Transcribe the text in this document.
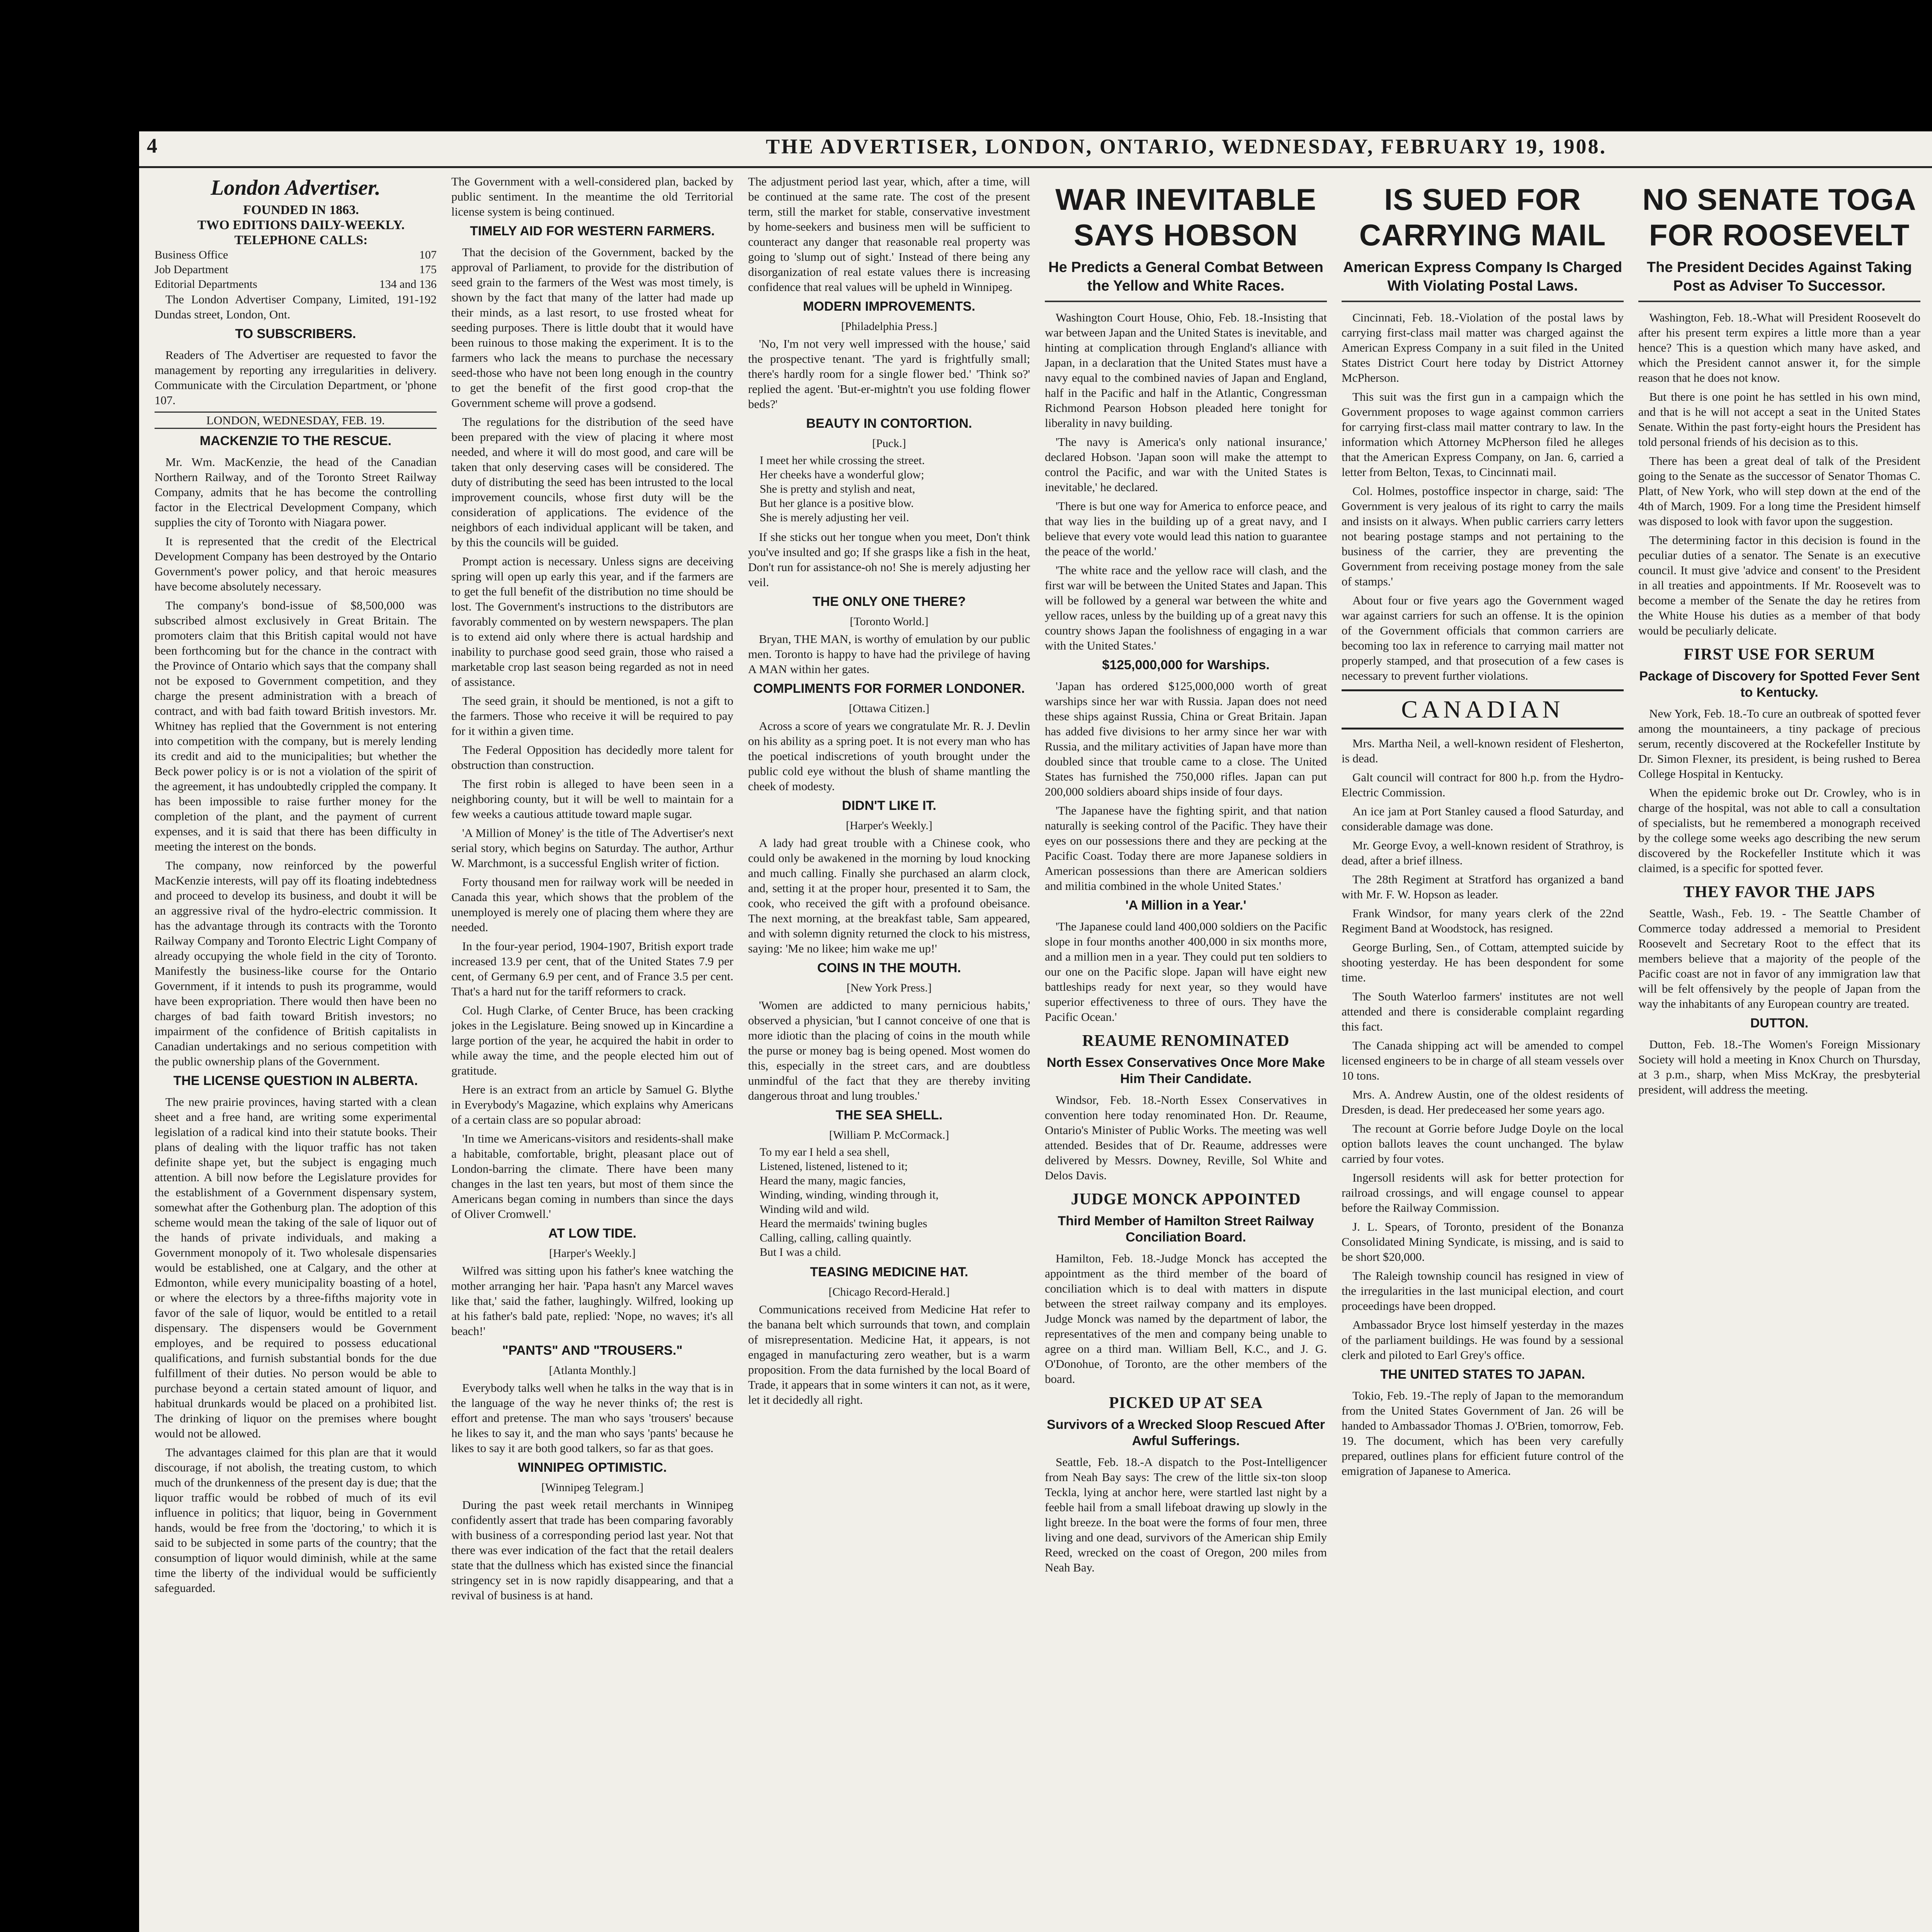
4	THE ADVERTISER, LONDON, ONTARIO, WEDNESDAY, FEBRUARY 19, 1908.
London Advertiser.

FOUNDED IN 1863.

TWO EDITIONS DAILY-WEEKLY.

TELEPHONE CALLS:

Business Office	107
Job Department	175
Editorial Departments	134 and 136

The London Advertiser Company, Limited, 191-192 Dundas street, London, Ont.

TO SUBSCRIBERS.

Readers of The Advertiser are requested to favor the management by reporting any irregularities in delivery. Communicate with the Circulation Department, or 'phone 107.

LONDON, WEDNESDAY, FEB. 19.
MACKENZIE TO THE RESCUE.

Mr. Wm. MacKenzie, the head of the Canadian Northern Railway, and of the Toronto Street Railway Company, admits that he has become the controlling factor in the Electrical Development Company, which supplies the city of Toronto with Niagara power.

It is represented that the credit of the Electrical Development Company has been destroyed by the Ontario Government's power policy, and that heroic measures have become absolutely necessary.

The company's bond-issue of $8,500,000 was subscribed almost exclusively in Great Britain. The promoters claim that this British capital would not have been forthcoming but for the chance in the contract with the Province of Ontario which says that the company shall not be exposed to Government competition, and they charge the present administration with a breach of contract, and with bad faith toward British investors. Mr. Whitney has replied that the Government is not entering into competition with the company, but is merely lending its credit and aid to the municipalities; but whether the Beck power policy is or is not a violation of the spirit of the agreement, it has undoubtedly crippled the company. It has been impossible to raise further money for the completion of the plant, and the payment of current expenses, and it is said that there has been difficulty in meeting the interest on the bonds.

The company, now reinforced by the powerful MacKenzie interests, will pay off its floating indebtedness and proceed to develop its business, and doubt it will be an aggressive rival of the hydro-electric commission. It has the advantage through its contracts with the Toronto Railway Company and Toronto Electric Light Company of already occupying the whole field in the city of Toronto. Manifestly the business-like course for the Ontario Government, if it intends to push its programme, would have been expropriation. There would then have been no charges of bad faith toward British investors; no impairment of the confidence of British capitalists in Canadian undertakings and no serious competition with the public ownership plans of the Government.

THE LICENSE QUESTION IN ALBERTA.

The new prairie provinces, having started with a clean sheet and a free hand, are writing some experimental legislation of a radical kind into their statute books. Their plans of dealing with the liquor traffic has not taken definite shape yet, but the subject is engaging much attention. A bill now before the Legislature provides for the establishment of a Government dispensary system, somewhat after the Gothenburg plan. The adoption of this scheme would mean the taking of the sale of liquor out of the hands of private individuals, and making a Government monopoly of it. Two wholesale dispensaries would be established, one at Calgary, and the other at Edmonton, while every municipality boasting of a hotel, or where the electors by a three-fifths majority vote in favor of the sale of liquor, would be entitled to a retail dispensary. The dispensers would be Government employes, and be required to possess educational qualifications, and furnish substantial bonds for the due fulfillment of their duties. No person would be able to purchase beyond a certain stated amount of liquor, and habitual drunkards would be placed on a prohibited list. The drinking of liquor on the premises where bought would not be allowed.

The advantages claimed for this plan are that it would discourage, if not abolish, the treating custom, to which much of the drunkenness of the present day is due; that the liquor traffic would be robbed of much of its evil influence in politics; that liquor, being in Government hands, would be free from the 'doctoring,' to which it is said to be subjected in some parts of the country; that the consumption of liquor would diminish, while at the same time the liberty of the individual would be sufficiently safeguarded.

The Government with a well-considered plan, backed by public sentiment. In the meantime the old Territorial license system is being continued.

TIMELY AID FOR WESTERN FARMERS.

That the decision of the Government, backed by the approval of Parliament, to provide for the distribution of seed grain to the farmers of the West was most timely, is shown by the fact that many of the latter had made up their minds, as a last resort, to use frosted wheat for seeding purposes. There is little doubt that it would have been ruinous to those making the experiment. It is to the farmers who lack the means to purchase the necessary seed-those who have not been long enough in the country to get the benefit of the first good crop-that the Government scheme will prove a godsend.

The regulations for the distribution of the seed have been prepared with the view of placing it where most needed, and where it will do most good, and care will be taken that only deserving cases will be considered. The duty of distributing the seed has been intrusted to the local improvement councils, whose first duty will be the consideration of applications. The evidence of the neighbors of each individual applicant will be taken, and by this the councils will be guided.

Prompt action is necessary. Unless signs are deceiving spring will open up early this year, and if the farmers are to get the full benefit of the distribution no time should be lost. The Government's instructions to the distributors are favorably commented on by western newspapers. The plan is to extend aid only where there is actual hardship and inability to purchase good seed grain, those who raised a marketable crop last season being regarded as not in need of assistance.

The seed grain, it should be mentioned, is not a gift to the farmers. Those who receive it will be required to pay for it within a given time.

The Federal Opposition has decidedly more talent for obstruction than construction.

The first robin is alleged to have been seen in a neighboring county, but it will be well to maintain for a few weeks a cautious attitude toward maple sugar.

'A Million of Money' is the title of The Advertiser's next serial story, which begins on Saturday. The author, Arthur W. Marchmont, is a successful English writer of fiction.

Forty thousand men for railway work will be needed in Canada this year, which shows that the problem of the unemployed is merely one of placing them where they are needed.

In the four-year period, 1904-1907, British export trade increased 13.9 per cent, that of the United States 7.9 per cent, of Germany 6.9 per cent, and of France 3.5 per cent. That's a hard nut for the tariff reformers to crack.

Col. Hugh Clarke, of Center Bruce, has been cracking jokes in the Legislature. Being snowed up in Kincardine a large portion of the year, he acquired the habit in order to while away the time, and the people elected him out of gratitude.

Here is an extract from an article by Samuel G. Blythe in Everybody's Magazine, which explains why Americans of a certain class are so popular abroad:

'In time we Americans-visitors and residents-shall make a habitable, comfortable, bright, pleasant place out of London-barring the climate. There have been many changes in the last ten years, but most of them since the Americans began coming in numbers than since the days of Oliver Cromwell.'

AT LOW TIDE.
[Harper's Weekly.]

Wilfred was sitting upon his father's knee watching the mother arranging her hair. 'Papa hasn't any Marcel waves like that,' said the father, laughingly. Wilfred, looking up at his father's bald pate, replied: 'Nope, no waves; it's all beach!'

"PANTS" AND "TROUSERS."
[Atlanta Monthly.]

Everybody talks well when he talks in the way that is in the language of the way he never thinks of; the rest is effort and pretense. The man who says 'trousers' because he likes to say it, and the man who says 'pants' because he likes to say it are both good talkers, so far as that goes.

WINNIPEG OPTIMISTIC.
[Winnipeg Telegram.]

During the past week retail merchants in Winnipeg confidently assert that trade has been comparing favorably with business of a corresponding period last year. Not that there was ever indication of the fact that the retail dealers state that the dullness which has existed since the financial stringency set in is now rapidly disappearing, and that a revival of business is at hand.

The adjustment period last year, which, after a time, will be continued at the same rate. The cost of the present term, still the market for stable, conservative investment by home-seekers and business men will be sufficient to counteract any danger that reasonable real property was going to 'slump out of sight.' Instead of there being any disorganization of real estate values there is increasing confidence that real values will be upheld in Winnipeg.

MODERN IMPROVEMENTS.
[Philadelphia Press.]

'No, I'm not very well impressed with the house,' said the prospective tenant. 'The yard is frightfully small; there's hardly room for a single flower bed.' 'Think so?' replied the agent. 'But-er-mightn't you use folding flower beds?'

BEAUTY IN CONTORTION.
[Puck.]

I meet her while crossing the street.
Her cheeks have a wonderful glow;
She is pretty and stylish and neat,
But her glance is a positive blow.
She is merely adjusting her veil.

If she sticks out her tongue when you meet, Don't think you've insulted and go; If she grasps like a fish in the heat, Don't run for assistance-oh no! She is merely adjusting her veil.

THE ONLY ONE THERE?
[Toronto World.]

Bryan, THE MAN, is worthy of emulation by our public men. Toronto is happy to have had the privilege of having A MAN within her gates.

COMPLIMENTS FOR FORMER LONDONER.
[Ottawa Citizen.]

Across a score of years we congratulate Mr. R. J. Devlin on his ability as a spring poet. It is not every man who has the poetical indiscretions of youth brought under the public cold eye without the blush of shame mantling the cheek of modesty.

DIDN'T LIKE IT.
[Harper's Weekly.]

A lady had great trouble with a Chinese cook, who could only be awakened in the morning by loud knocking and much calling. Finally she purchased an alarm clock, and, setting it at the proper hour, presented it to Sam, the cook, who received the gift with a profound obeisance. The next morning, at the breakfast table, Sam appeared, and with solemn dignity returned the clock to his mistress, saying: 'Me no likee; him wake me up!'

COINS IN THE MOUTH.
[New York Press.]

'Women are addicted to many pernicious habits,' observed a physician, 'but I cannot conceive of one that is more idiotic than the placing of coins in the mouth while the purse or money bag is being opened. Most women do this, especially in the street cars, and are doubtless unmindful of the fact that they are thereby inviting dangerous throat and lung troubles.'

THE SEA SHELL.
[William P. McCormack.]

To my ear I held a sea shell,
Listened, listened, listened to it;
Heard the many, magic fancies,
Winding, winding, winding through it,
Winding wild and wild.
Heard the mermaids' twining bugles
Calling, calling, calling quaintly.
But I was a child.

TEASING MEDICINE HAT.
[Chicago Record-Herald.]

Communications received from Medicine Hat refer to the banana belt which surrounds that town, and complain of misrepresentation. Medicine Hat, it appears, is not engaged in manufacturing zero weather, but is a warm proposition. From the data furnished by the local Board of Trade, it appears that in some winters it can not, as it were, let it decidedly all right.

WAR INEVITABLE SAYS HOBSON
He Predicts a General Combat Between the Yellow and White Races.

Washington Court House, Ohio, Feb. 18.-Insisting that war between Japan and the United States is inevitable, and hinting at complication through England's alliance with Japan, in a declaration that the United States must have a navy equal to the combined navies of Japan and England, half in the Pacific and half in the Atlantic, Congressman Richmond Pearson Hobson pleaded here tonight for liberality in navy building.

'The navy is America's only national insurance,' declared Hobson. 'Japan soon will make the attempt to control the Pacific, and war with the United States is inevitable,' he declared.

'There is but one way for America to enforce peace, and that way lies in the building up of a great navy, and I believe that every vote would lead this nation to guarantee the peace of the world.'

'The white race and the yellow race will clash, and the first war will be between the United States and Japan. This will be followed by a general war between the white and yellow races, unless by the building up of a great navy this country shows Japan the foolishness of engaging in a war with the United States.'

$125,000,000 for Warships.

'Japan has ordered $125,000,000 worth of great warships since her war with Russia. Japan does not need these ships against Russia, China or Great Britain. Japan has added five divisions to her army since her war with Russia, and the military activities of Japan have more than doubled since that trouble came to a close. The United States has furnished the 750,000 rifles. Japan can put 200,000 soldiers aboard ships inside of four days.

'The Japanese have the fighting spirit, and that nation naturally is seeking control of the Pacific. They have their eyes on our possessions there and they are pecking at the Pacific Coast. Today there are more Japanese soldiers in American possessions than there are American soldiers and militia combined in the whole United States.'

'A Million in a Year.'

'The Japanese could land 400,000 soldiers on the Pacific slope in four months another 400,000 in six months more, and a million men in a year. They could put ten soldiers to our one on the Pacific slope. Japan will have eight new battleships ready for next year, so they would have superior effectiveness to three of ours. They have the Pacific Ocean.'

REAUME RENOMINATED
North Essex Conservatives Once More Make Him Their Candidate.

Windsor, Feb. 18.-North Essex Conservatives in convention here today renominated Hon. Dr. Reaume, Ontario's Minister of Public Works. The meeting was well attended. Besides that of Dr. Reaume, addresses were delivered by Messrs. Downey, Reville, Sol White and Delos Davis.

JUDGE MONCK APPOINTED
Third Member of Hamilton Street Railway Conciliation Board.

Hamilton, Feb. 18.-Judge Monck has accepted the appointment as the third member of the board of conciliation which is to deal with matters in dispute between the street railway company and its employes. Judge Monck was named by the department of labor, the representatives of the men and company being unable to agree on a third man. William Bell, K.C., and J. G. O'Donohue, of Toronto, are the other members of the board.

PICKED UP AT SEA
Survivors of a Wrecked Sloop Rescued After Awful Sufferings.

Seattle, Feb. 18.-A dispatch to the Post-Intelligencer from Neah Bay says: The crew of the little six-ton sloop Teckla, lying at anchor here, were startled last night by a feeble hail from a small lifeboat drawing up slowly in the light breeze. In the boat were the forms of four men, three living and one dead, survivors of the American ship Emily Reed, wrecked on the coast of Oregon, 200 miles from Neah Bay.

IS SUED FOR CARRYING MAIL
American Express Company Is Charged With Violating Postal Laws.

Cincinnati, Feb. 18.-Violation of the postal laws by carrying first-class mail matter was charged against the American Express Company in a suit filed in the United States District Court here today by District Attorney McPherson.

This suit was the first gun in a campaign which the Government proposes to wage against common carriers for carrying first-class mail matter contrary to law. In the information which Attorney McPherson filed he alleges that the American Express Company, on Jan. 6, carried a letter from Belton, Texas, to Cincinnati mail.

Col. Holmes, postoffice inspector in charge, said: 'The Government is very jealous of its right to carry the mails and insists on it always. When public carriers carry letters not bearing postage stamps and not pertaining to the business of the carrier, they are preventing the Government from receiving postage money from the sale of stamps.'

About four or five years ago the Government waged war against carriers for such an offense. It is the opinion of the Government officials that common carriers are becoming too lax in reference to carrying mail matter not properly stamped, and that prosecution of a few cases is necessary to prevent further violations.

CANADIAN

Mrs. Martha Neil, a well-known resident of Flesherton, is dead.

Galt council will contract for 800 h.p. from the Hydro-Electric Commission.

An ice jam at Port Stanley caused a flood Saturday, and considerable damage was done.

Mr. George Evoy, a well-known resident of Strathroy, is dead, after a brief illness.

The 28th Regiment at Stratford has organized a band with Mr. F. W. Hopson as leader.

Frank Windsor, for many years clerk of the 22nd Regiment Band at Woodstock, has resigned.

George Burling, Sen., of Cottam, attempted suicide by shooting yesterday. He has been despondent for some time.

The South Waterloo farmers' institutes are not well attended and there is considerable complaint regarding this fact.

The Canada shipping act will be amended to compel licensed engineers to be in charge of all steam vessels over 10 tons.

Mrs. A. Andrew Austin, one of the oldest residents of Dresden, is dead. Her predeceased her some years ago.

The recount at Gorrie before Judge Doyle on the local option ballots leaves the count unchanged. The bylaw carried by four votes.

Ingersoll residents will ask for better protection for railroad crossings, and will engage counsel to appear before the Railway Commission.

J. L. Spears, of Toronto, president of the Bonanza Consolidated Mining Syndicate, is missing, and is said to be short $20,000.

The Raleigh township council has resigned in view of the irregularities in the last municipal election, and court proceedings have been dropped.

Ambassador Bryce lost himself yesterday in the mazes of the parliament buildings. He was found by a sessional clerk and piloted to Earl Grey's office.

THE UNITED STATES TO JAPAN.

Tokio, Feb. 19.-The reply of Japan to the memorandum from the United States Government of Jan. 26 will be handed to Ambassador Thomas J. O'Brien, tomorrow, Feb. 19. The document, which has been very carefully prepared, outlines plans for efficient future control of the emigration of Japanese to America.

NO SENATE TOGA FOR ROOSEVELT
The President Decides Against Taking Post as Adviser To Successor.

Washington, Feb. 18.-What will President Roosevelt do after his present term expires a little more than a year hence? This is a question which many have asked, and which the President cannot answer it, for the simple reason that he does not know.

But there is one point he has settled in his own mind, and that is he will not accept a seat in the United States Senate. Within the past forty-eight hours the President has told personal friends of his decision as to this.

There has been a great deal of talk of the President going to the Senate as the successor of Senator Thomas C. Platt, of New York, who will step down at the end of the 4th of March, 1909. For a long time the President himself was disposed to look with favor upon the suggestion.

The determining factor in this decision is found in the peculiar duties of a senator. The Senate is an executive council. It must give 'advice and consent' to the President in all treaties and appointments. If Mr. Roosevelt was to become a member of the Senate the day he retires from the White House his duties as a member of that body would be peculiarly delicate.

FIRST USE FOR SERUM
Package of Discovery for Spotted Fever Sent to Kentucky.

New York, Feb. 18.-To cure an outbreak of spotted fever among the mountaineers, a tiny package of precious serum, recently discovered at the Rockefeller Institute by Dr. Simon Flexner, its president, is being rushed to Berea College Hospital in Kentucky.

When the epidemic broke out Dr. Crowley, who is in charge of the hospital, was not able to call a consultation of specialists, but he remembered a monograph received by the college some weeks ago describing the new serum discovered by the Rockefeller Institute which it was claimed, is a specific for spotted fever.

THEY FAVOR THE JAPS

Seattle, Wash., Feb. 19. - The Seattle Chamber of Commerce today addressed a memorial to President Roosevelt and Secretary Root to the effect that its members believe that a majority of the people of the Pacific coast are not in favor of any immigration law that will be felt offensively by the people of Japan from the way the inhabitants of any European country are treated.

DUTTON.

Dutton, Feb. 18.-The Women's Foreign Missionary Society will hold a meeting in Knox Church on Thursday, at 3 p.m., sharp, when Miss McKray, the presbyterial president, will address the meeting.
